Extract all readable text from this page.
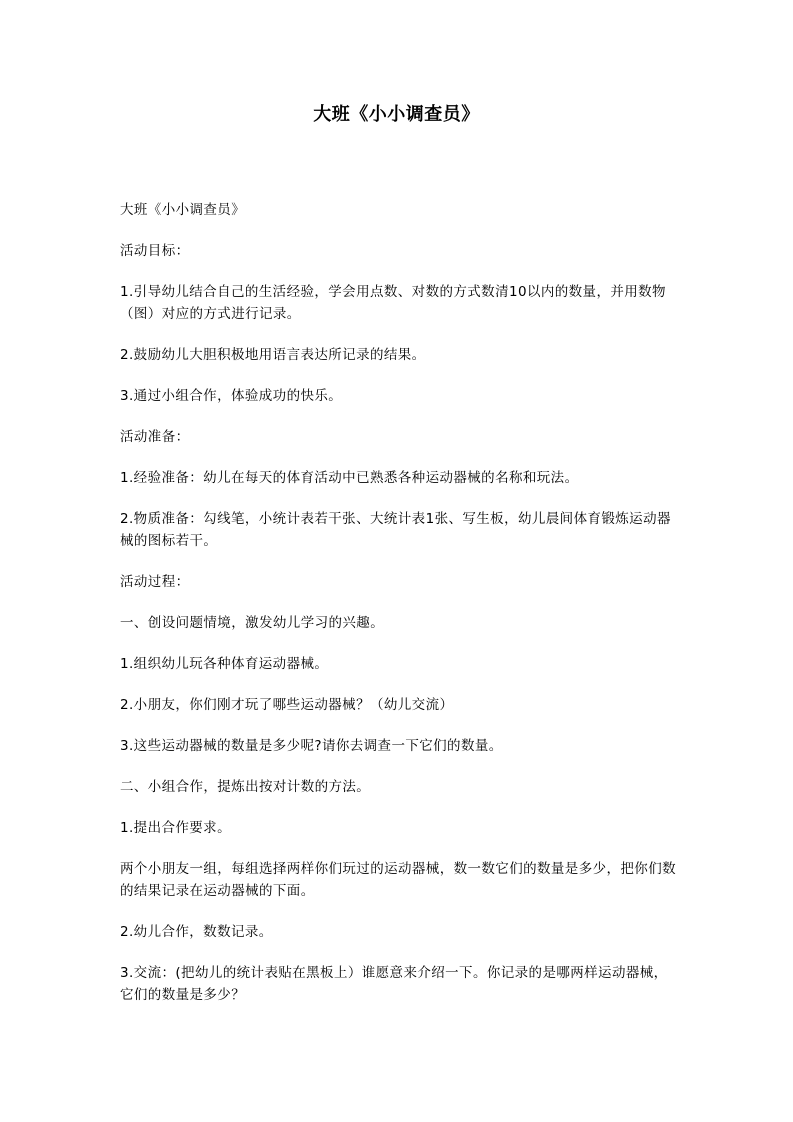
大班《小小调查员》

大班《小小调查员》

活动目标：

1.引导幼儿结合自己的生活经验，学会用点数、对数的方式数清10以内的数量，并用数物（图）对应的方式进行记录。

2.鼓励幼儿大胆积极地用语言表达所记录的结果。

3.通过小组合作，体验成功的快乐。

活动准备：

1.经验准备：幼儿在每天的体育活动中已熟悉各种运动器械的名称和玩法。

2.物质准备：勾线笔，小统计表若干张、大统计表1张、写生板，幼儿晨间体育锻炼运动器械的图标若干。

活动过程：

一、创设问题情境，激发幼儿学习的兴趣。

1.组织幼儿玩各种体育运动器械。

2.小朋友，你们刚才玩了哪些运动器械？（幼儿交流）

3.这些运动器械的数量是多少呢?请你去调查一下它们的数量。

二、小组合作，提炼出按对计数的方法。

1.提出合作要求。

两个小朋友一组，每组选择两样你们玩过的运动器械，数一数它们的数量是多少，把你们数的结果记录在运动器械的下面。

2.幼儿合作，数数记录。

3.交流：(把幼儿的统计表贴在黑板上）谁愿意来介绍一下。你记录的是哪两样运动器械，它们的数量是多少？
